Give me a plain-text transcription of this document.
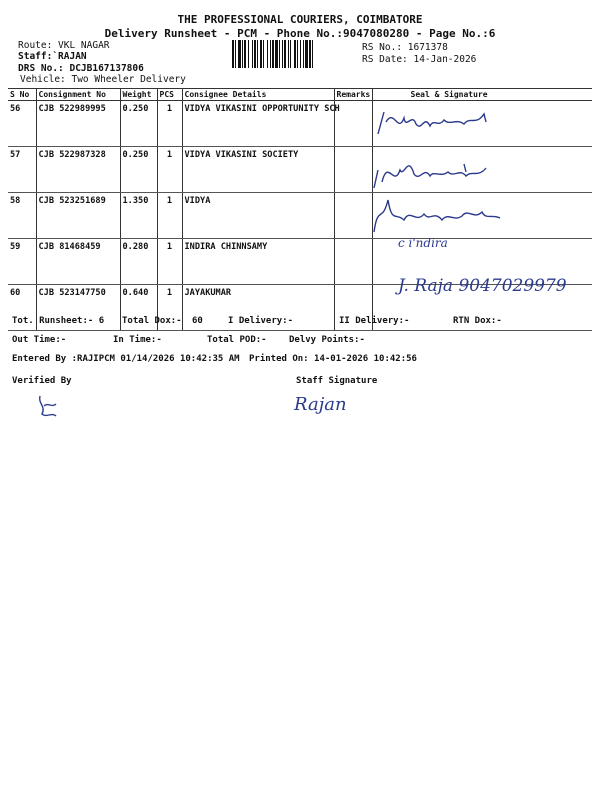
THE PROFESSIONAL COURIERS, COIMBATORE
Delivery Runsheet - PCM - Phone No.:9047080280 - Page No.:6
Route: VKL NAGAR
Staff:`RAJAN
DRS No.: DCJB167137806
Vehicle: Two Wheeler Delivery
RS No.: 1671378
RS Date: 14-Jan-2026
S No	Consignment No	Weight	PCS	Consignee Details	Remarks	Seal & Signature
56	CJB 522989995	0.250	1	VIDYA VIKASINI OPPORTUNITY SCH		
57	CJB 522987328	0.250	1	VIDYA VIKASINI SOCIETY		
58	CJB 523251689	1.350	1	VIDYA		
59	CJB 81468459	0.280	1	INDIRA CHINNSAMY		
60	CJB 523147750	0.640	1	JAYAKUMAR		
c i'ndira
J. Raja 9047029979
Tot. Runsheet:- 6 Total Dox:- 60	I Delivery:-	II Delivery:-	RTN Dox:-
Out Time:-	In Time:-	Total POD:- Delvy Points:-
Entered By :RAJIPCM 01/14/2026 10:42:35 AM Printed On: 14-01-2026 10:42:56
Verified By	Staff Signature
Rajan
